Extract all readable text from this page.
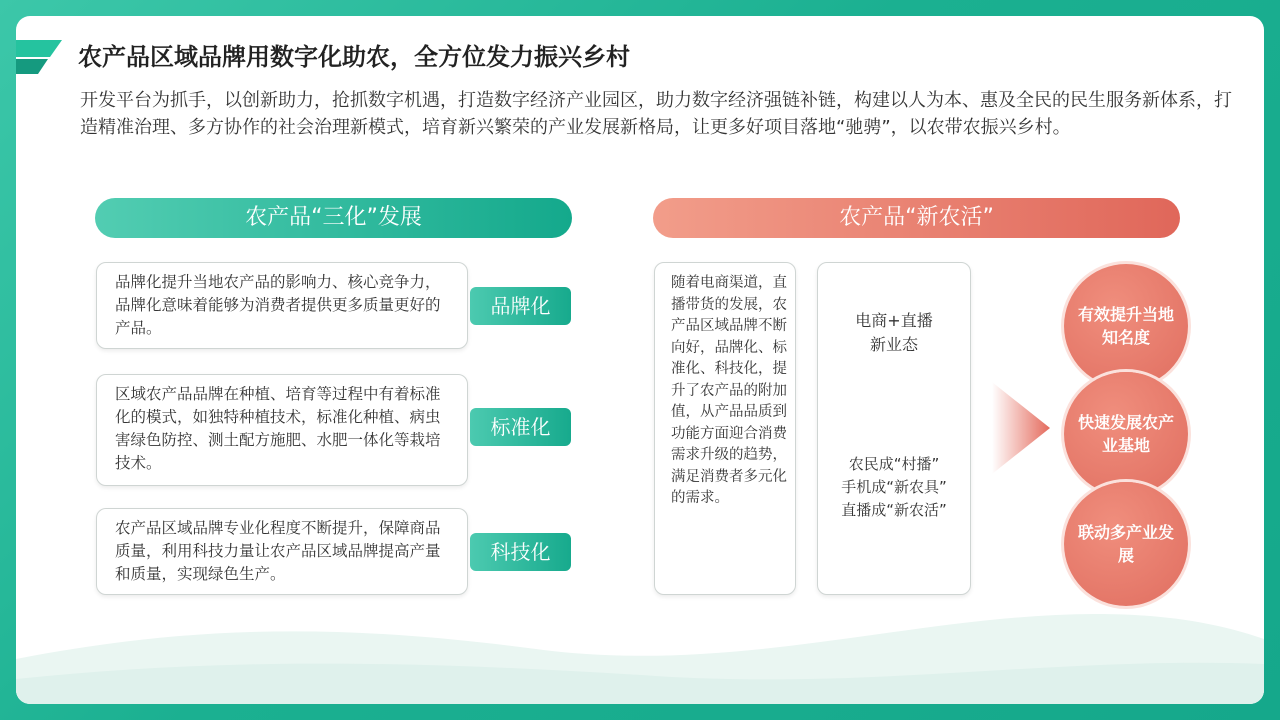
农产品区域品牌用数字化助农，全方位发力振兴乡村
开发平台为抓手，以创新助力，抢抓数字机遇，打造数字经济产业园区，助力数字经济强链补链，构建以人为本、惠及全民的民生服务新体系，打造精准治理、多方协作的社会治理新模式，培育新兴繁荣的产业发展新格局，让更多好项目落地“驰骋”，以农带农振兴乡村。
农产品“三化”发展	农产品“新农活”
品牌化提升当地农产品的影响力、核心竞争力，品牌化意味着能够为消费者提供更多质量更好的产品。
品牌化
区域农产品品牌在种植、培育等过程中有着标准化的模式，如独特种植技术，标准化种植、病虫害绿色防控、测土配方施肥、水肥一体化等栽培技术。
标准化
农产品区域品牌专业化程度不断提升，保障商品质量，利用科技力量让农产品区域品牌提高产量和质量，实现绿色生产。
科技化
随着电商渠道，直播带货的发展，农产品区域品牌不断向好，品牌化、标准化、科技化，提升了农产品的附加值，从产品品质到功能方面迎合消费需求升级的趋势，满足消费者多元化的需求。
电商+直播
新业态
农民成“村播”
手机成“新农具”
直播成“新农活”
有效提升当地知名度
快速发展农产业基地
联动多产业发展
